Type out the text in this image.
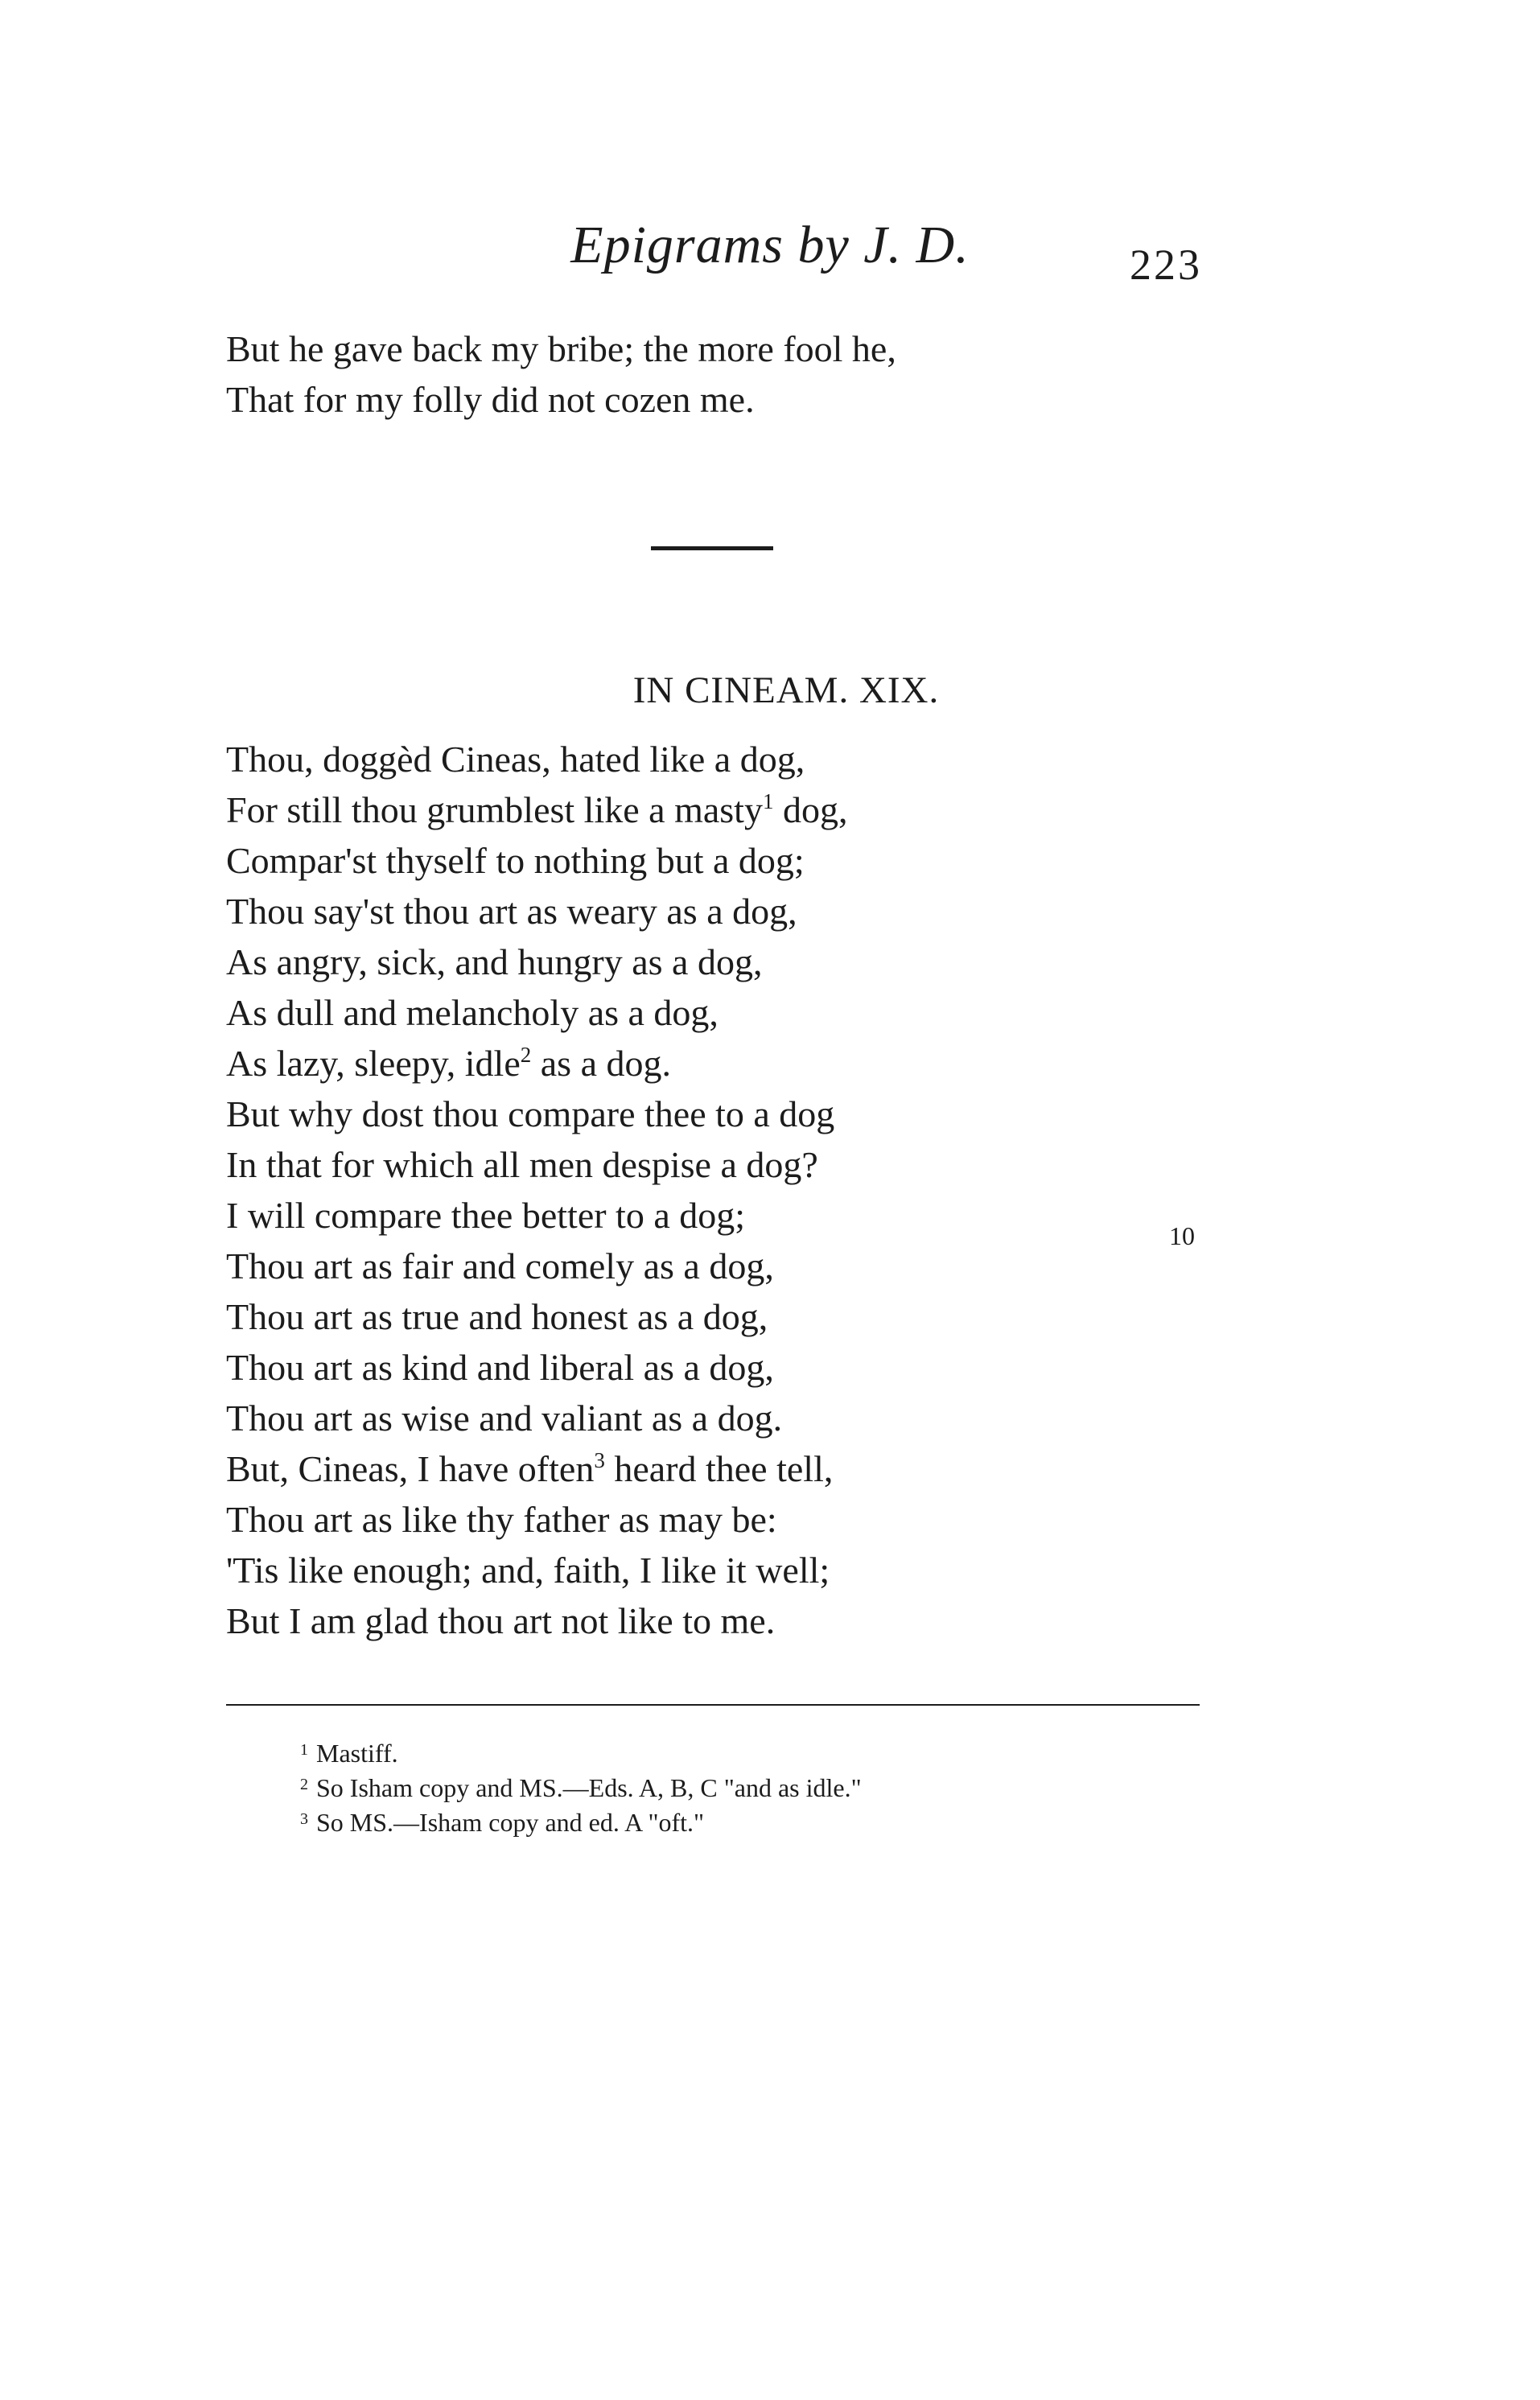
Epigrams by J. D.	223
But he gave back my bribe; the more fool he,
That for my folly did not cozen me.
IN CINEAM. XIX.
Thou, doggèd Cineas, hated like a dog,
For still thou grumblest like a masty$^1$ dog,
Compar'st thyself to nothing but a dog;
Thou say'st thou art as weary as a dog,
As angry, sick, and hungry as a dog,
As dull and melancholy as a dog,
As lazy, sleepy, idle$^2$ as a dog.
But why dost thou compare thee to a dog
In that for which all men despise a dog?
I will compare thee better to a dog;
Thou art as fair and comely as a dog,
Thou art as true and honest as a dog,
Thou art as kind and liberal as a dog,
Thou art as wise and valiant as a dog.
But, Cineas, I have often$^3$ heard thee tell,
Thou art as like thy father as may be:
'Tis like enough; and, faith, I like it well;
But I am glad thou art not like to me.
10
$^1$ Mastiff.
$^2$ So Isham copy and MS.—Eds. A, B, C "and as idle."
$^3$ So MS.—Isham copy and ed. A "oft."
